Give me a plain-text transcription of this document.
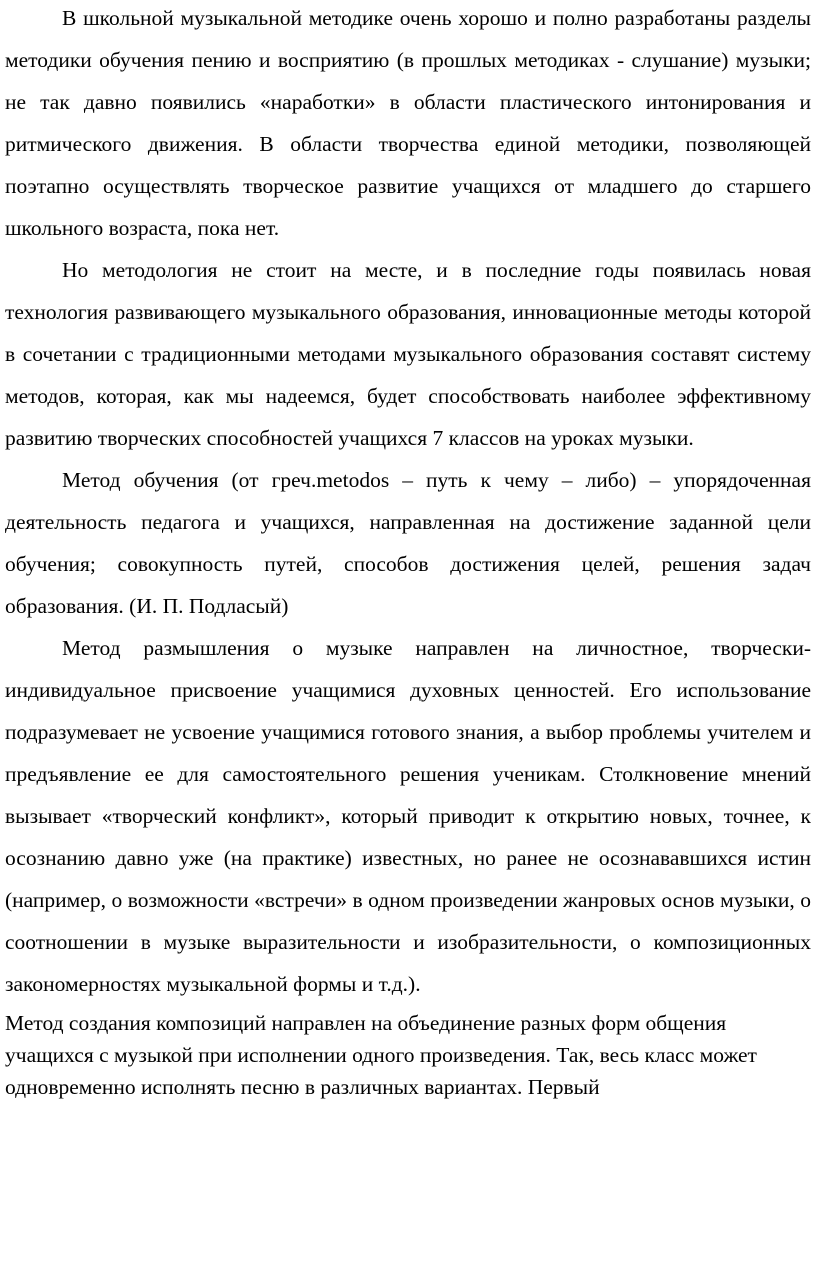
В школьной музыкальной методике очень хорошо и полно разработаны разделы методики обучения пению и восприятию (в прошлых методиках - слушание) музыки; не так давно появились «наработки» в области пластического интонирования и ритмического движения. В области творчества единой методики, позволяющей поэтапно осуществлять творческое развитие учащихся от младшего до старшего школьного возраста, пока нет.

Но методология не стоит на месте, и в последние годы появилась новая технология развивающего музыкального образования, инновационные методы которой в сочетании с традиционными методами музыкального образования составят систему методов, которая, как мы надеемся, будет способствовать наиболее эффективному развитию творческих способностей учащихся 7 классов на уроках музыки.

Метод обучения (от греч.metodos – путь к чему – либо) – упорядоченная деятельность педагога и учащихся, направленная на достижение заданной цели обучения; совокупность путей, способов достижения целей, решения задач образования. (И. П. Подласый)

Метод размышления о музыке направлен на личностное, творчески-индивидуальное присвоение учащимися духовных ценностей. Его использование подразумевает не усвоение учащимися готового знания, а выбор проблемы учителем и предъявление ее для самостоятельного решения ученикам. Столкновение мнений вызывает «творческий конфликт», который приводит к открытию новых, точнее, к осознанию давно уже (на практике) известных, но ранее не осознававшихся истин (например, о возможности «встречи» в одном произведении жанровых основ музыки, о соотношении в музыке выразительности и изобразительности, о композиционных закономерностях музыкальной формы и т.д.).

Метод создания композиций направлен на объединение разных форм общения учащихся с музыкой при исполнении одного произведения. Так, весь класс может одновременно исполнять песню в различных вариантах. Первый
